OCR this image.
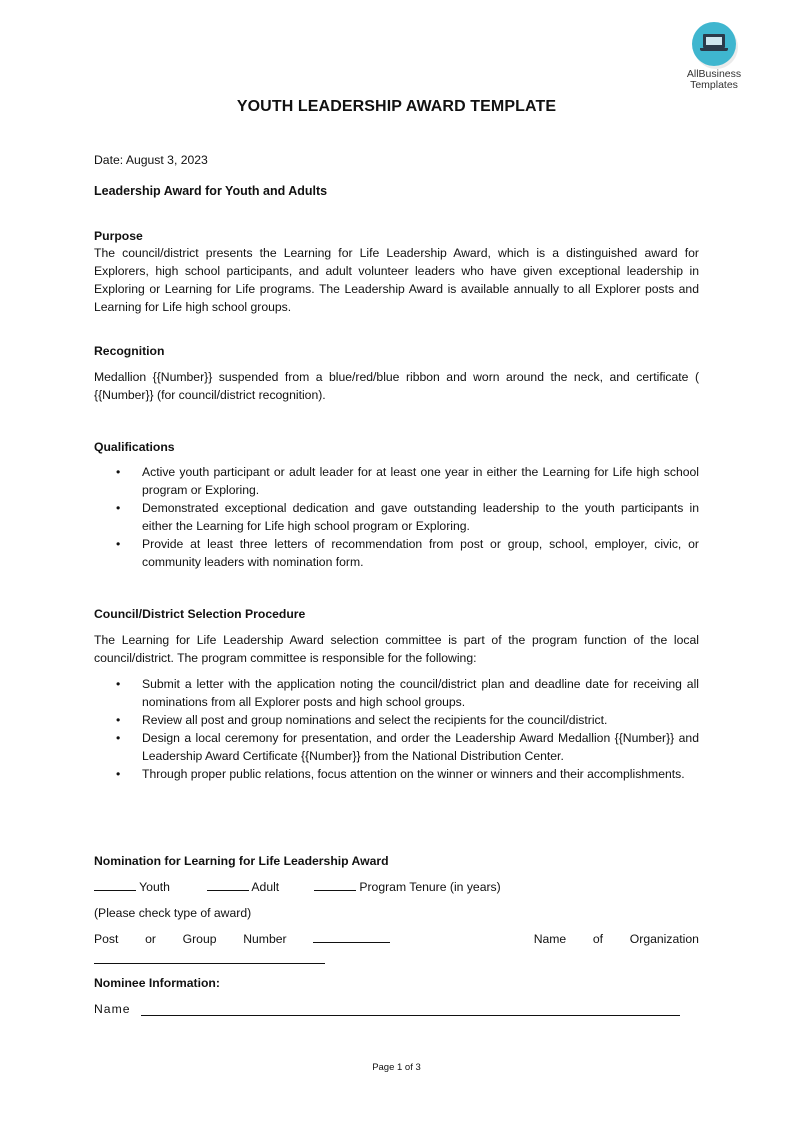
AllBusiness
Templates
YOUTH LEADERSHIP AWARD TEMPLATE
Date: August 3, 2023
Leadership Award for Youth and Adults
Purpose
The council/district presents the Learning for Life Leadership Award, which is a distinguished award for Explorers, high school participants, and adult volunteer leaders who have given exceptional leadership in Exploring or Learning for Life programs. The Leadership Award is available annually to all Explorer posts and Learning for Life high school groups.
Recognition
Medallion {{Number}} suspended from a blue/red/blue ribbon and worn around the neck, and certificate ( {{Number}} (for council/district recognition).
Qualifications
• Active youth participant or adult leader for at least one year in either the Learning for Life high school program or Exploring.
• Demonstrated exceptional dedication and gave outstanding leadership to the youth participants in either the Learning for Life high school program or Exploring.
• Provide at least three letters of recommendation from post or group, school, employer, civic, or community leaders with nomination form.
Council/District Selection Procedure
The Learning for Life Leadership Award selection committee is part of the program function of the local council/district. The program committee is responsible for the following:
• Submit a letter with the application noting the council/district plan and deadline date for receiving all nominations from all Explorer posts and high school groups.
• Review all post and group nominations and select the recipients for the council/district.
• Design a local ceremony for presentation, and order the Leadership Award Medallion {{Number}} and Leadership Award Certificate {{Number}} from the National Distribution Center.
• Through proper public relations, focus attention on the winner or winners and their accomplishments.
Nomination for Learning for Life Leadership Award
Youth	Adult	Program Tenure (in years)
(Please check type of award)
Post or Group Number	Name of Organization
Nominee Information:
Name
Page 1 of 3
